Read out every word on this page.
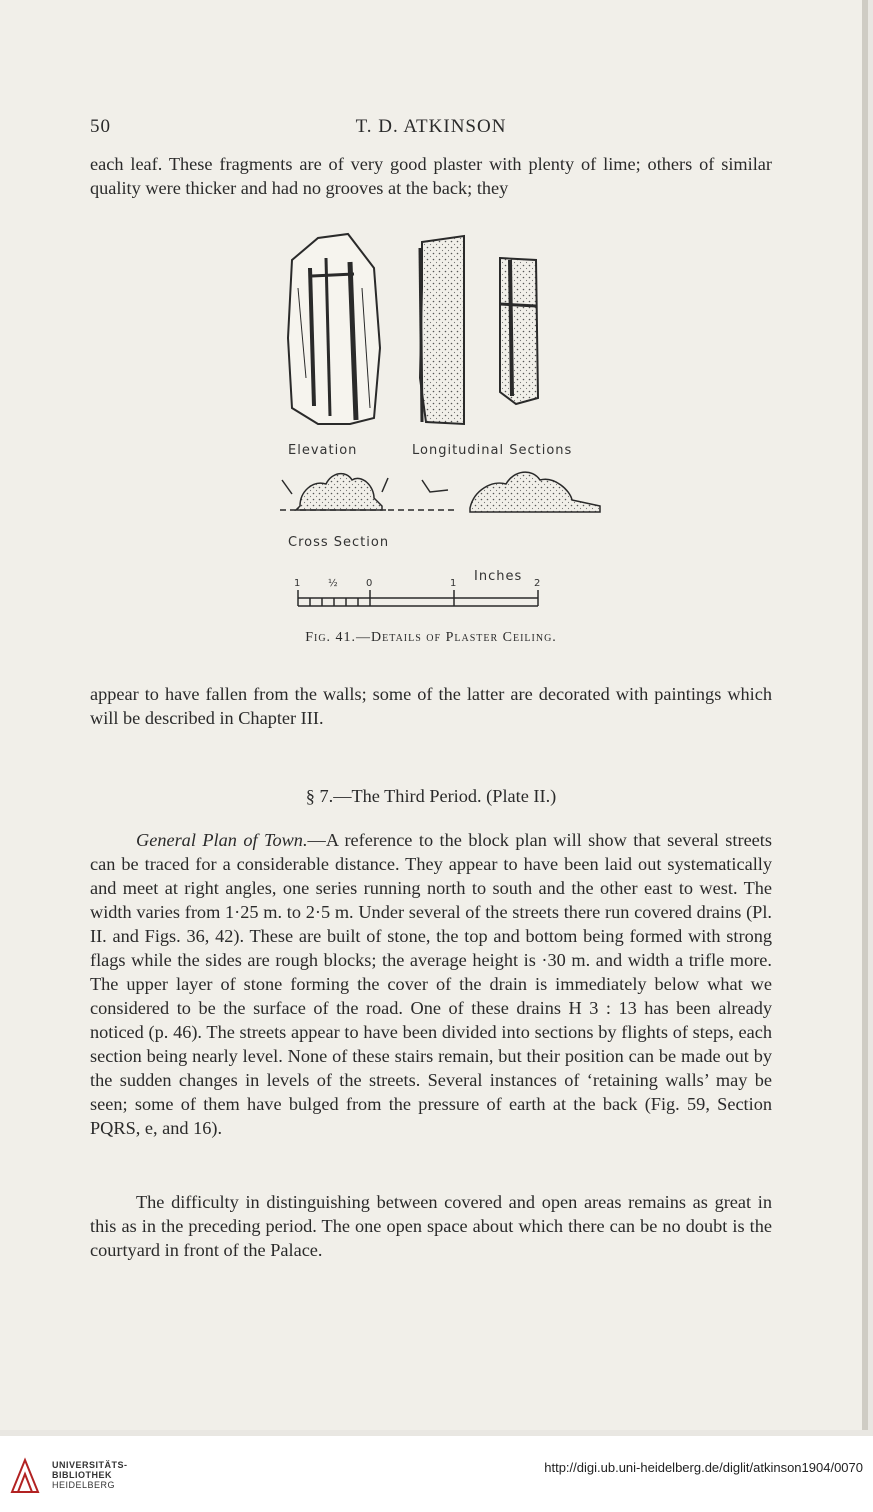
50	T. D. ATKINSON

each leaf. These fragments are of very good plaster with plenty of lime; others of similar quality were thicker and had no grooves at the back; they

Elevation	Longitudinal Sections
Cross Section
Inches
1	½	0	1	2
Fig. 41.—Details of Plaster Ceiling.

appear to have fallen from the walls; some of the latter are decorated with paintings which will be described in Chapter III.

§ 7.—The Third Period. (Plate II.)

General Plan of Town.—A reference to the block plan will show that several streets can be traced for a considerable distance. They appear to have been laid out systematically and meet at right angles, one series running north to south and the other east to west. The width varies from 1·25 m. to 2·5 m. Under several of the streets there run covered drains (Pl. II. and Figs. 36, 42). These are built of stone, the top and bottom being formed with strong flags while the sides are rough blocks; the average height is ·30 m. and width a trifle more. The upper layer of stone forming the cover of the drain is immediately below what we considered to be the surface of the road. One of these drains H 3 : 13 has been already noticed (p. 46). The streets appear to have been divided into sections by flights of steps, each section being nearly level. None of these stairs remain, but their position can be made out by the sudden changes in levels of the streets. Several instances of ‘retaining walls’ may be seen; some of them have bulged from the pressure of earth at the back (Fig. 59, Section PQRS, e, and 16).

The difficulty in distinguishing between covered and open areas remains as great in this as in the preceding period. The one open space about which there can be no doubt is the courtyard in front of the Palace.

UNIVERSITÄTS-
BIBLIOTHEK
HEIDELBERG
http://digi.ub.uni-heidelberg.de/diglit/atkinson1904/0070
